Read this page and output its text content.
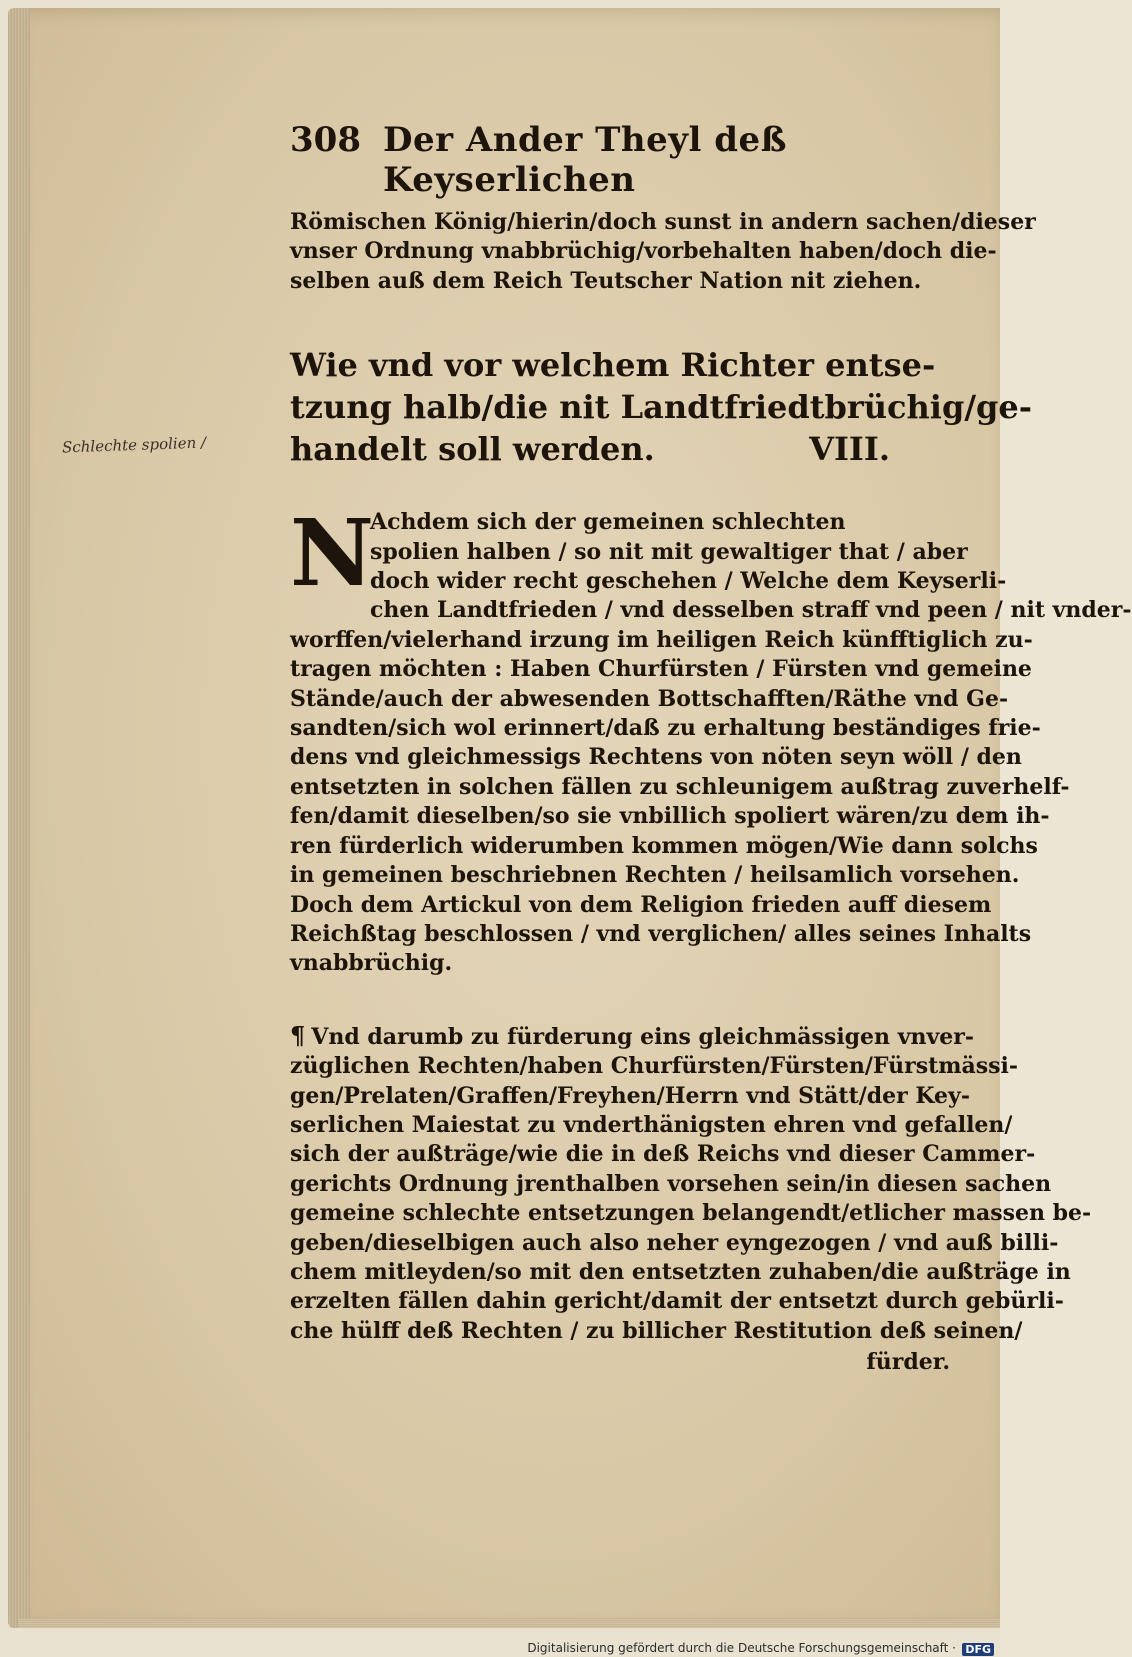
Schlechte spolien /
308 Der Ander Theyl deß Keyserlichen
Römischen König/hierin/doch sunst in andern sachen/dieser
vnser Ordnung vnabbrüchig/vorbehalten haben/doch die-
selben auß dem Reich Teutscher Nation nit ziehen.
Wie vnd vor welchem Richter entse-
tzung halb/die nit Landtfriedtbrüchig/ge-
handelt soll werden.	VIII.
N
Achdem sich der gemeinen schlechten
spolien halben / so nit mit gewaltiger that / aber
doch wider recht geschehen / Welche dem Keyserli-
chen Landtfrieden / vnd desselben straff vnd peen / nit vnder-
worffen/vielerhand irzung im heiligen Reich künfftiglich zu-
tragen möchten : Haben Churfürsten / Fürsten vnd gemeine
Stände/auch der abwesenden Bottschafften/Räthe vnd Ge-
sandten/sich wol erinnert/daß zu erhaltung beständiges frie-
dens vnd gleichmessigs Rechtens von nöten seyn wöll / den
entsetzten in solchen fällen zu schleunigem außtrag zuverhelf-
fen/damit dieselben/so sie vnbillich spoliert wären/zu dem ih-
ren fürderlich widerumben kommen mögen/Wie dann solchs
in gemeinen beschriebnen Rechten / heilsamlich vorsehen.
Doch dem Artickul von dem Religion frieden auff diesem
Reichßtag beschlossen / vnd verglichen/ alles seines Inhalts
vnabbrüchig.
¶ Vnd darumb zu fürderung eins gleichmässigen vnver-
züglichen Rechten/haben Churfürsten/Fürsten/Fürstmässi-
gen/Prelaten/Graffen/Freyhen/Herrn vnd Stätt/der Key-
serlichen Maiestat zu vnderthänigsten ehren vnd gefallen/
sich der außträge/wie die in deß Reichs vnd dieser Cammer-
gerichts Ordnung jrenthalben vorsehen sein/in diesen sachen
gemeine schlechte entsetzungen belangendt/etlicher massen be-
geben/dieselbigen auch also neher eyngezogen / vnd auß billi-
chem mitleyden/so mit den entsetzten zuhaben/die außträge in
erzelten fällen dahin gericht/damit der entsetzt durch gebürli-
che hülff deß Rechten / zu billicher Restitution deß seinen/
fürder.
Digitalisierung gefördert durch die Deutsche Forschungsgemeinschaft · DFG
